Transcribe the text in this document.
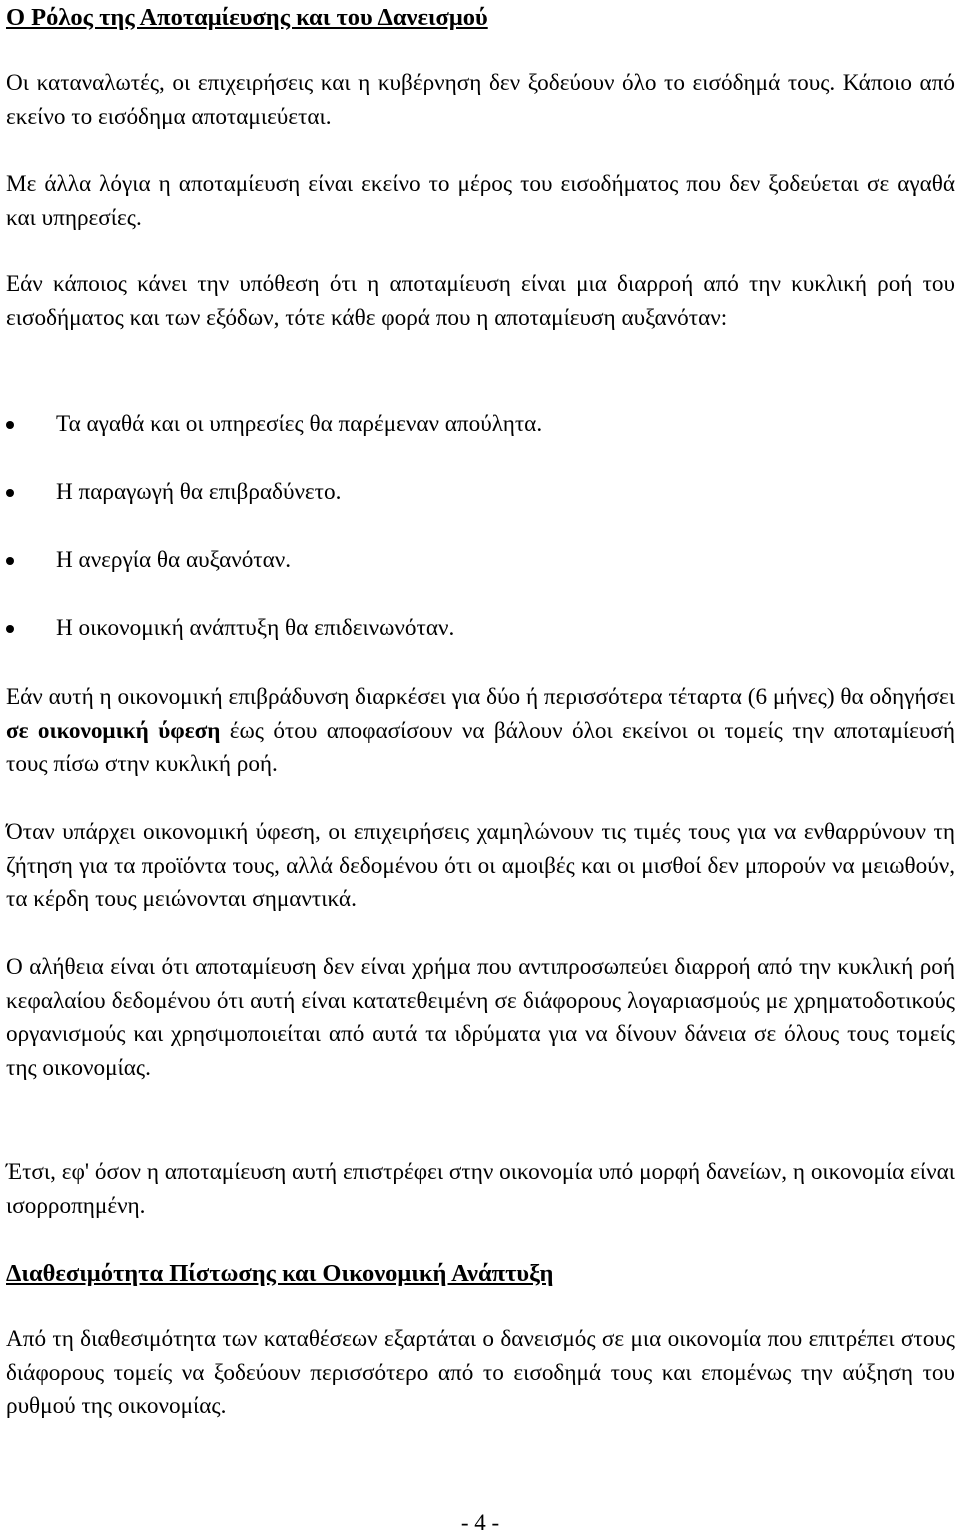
Ο Ρόλος της Αποταμίευσης και του Δανεισμού

Οι καταναλωτές, οι επιχειρήσεις και η κυβέρνηση δεν ξοδεύουν όλο το εισόδημά τους. Κάποιο από εκείνο το εισόδημα αποταμιεύεται.

Με άλλα λόγια η αποταμίευση είναι εκείνο το μέρος του εισοδήματος που δεν ξοδεύεται σε αγαθά και υπηρεσίες.

Εάν κάποιος κάνει την υπόθεση ότι η αποταμίευση είναι μια διαρροή από την κυκλική ροή του εισοδήματος και των εξόδων, τότε κάθε φορά που η αποταμίευση αυξανόταν:

Τα αγαθά και οι υπηρεσίες θα παρέμεναν απούλητα.
Η παραγωγή θα επιβραδύνετο.
Η ανεργία θα αυξανόταν.
Η οικονομική ανάπτυξη θα επιδεινωνόταν.

Εάν αυτή η οικονομική επιβράδυνση διαρκέσει για δύο ή περισσότερα τέταρτα (6 μήνες) θα οδηγήσει σε οικονομική ύφεση έως ότου αποφασίσουν να βάλουν όλοι εκείνοι οι τομείς την αποταμίευσή τους πίσω στην κυκλική ροή.

Όταν υπάρχει οικονομική ύφεση, οι επιχειρήσεις χαμηλώνουν τις τιμές τους για να ενθαρρύνουν τη ζήτηση για τα προϊόντα τους, αλλά δεδομένου ότι οι αμοιβές και οι μισθοί δεν μπορούν να μειωθούν, τα κέρδη τους μειώνονται σημαντικά.

Ο αλήθεια είναι ότι αποταμίευση δεν είναι χρήμα που αντιπροσωπεύει διαρροή από την κυκλική ροή κεφαλαίου δεδομένου ότι αυτή είναι κατατεθειμένη σε διάφορους λογαριασμούς με χρηματοδοτικούς οργανισμούς και χρησιμοποιείται από αυτά τα ιδρύματα για να δίνουν δάνεια σε όλους τους τομείς της οικονομίας.

Έτσι, εφ' όσον η αποταμίευση αυτή επιστρέφει στην οικονομία υπό μορφή δανείων, η οικονομία είναι ισορροπημένη.

Διαθεσιμότητα Πίστωσης και Οικονομική Ανάπτυξη

Από τη διαθεσιμότητα των καταθέσεων εξαρτάται ο δανεισμός σε μια οικονομία που επιτρέπει στους διάφορους τομείς να ξοδεύουν περισσότερο από το εισοδημά τους και επομένως την αύξηση του ρυθμού της οικονομίας.

- 4 -
